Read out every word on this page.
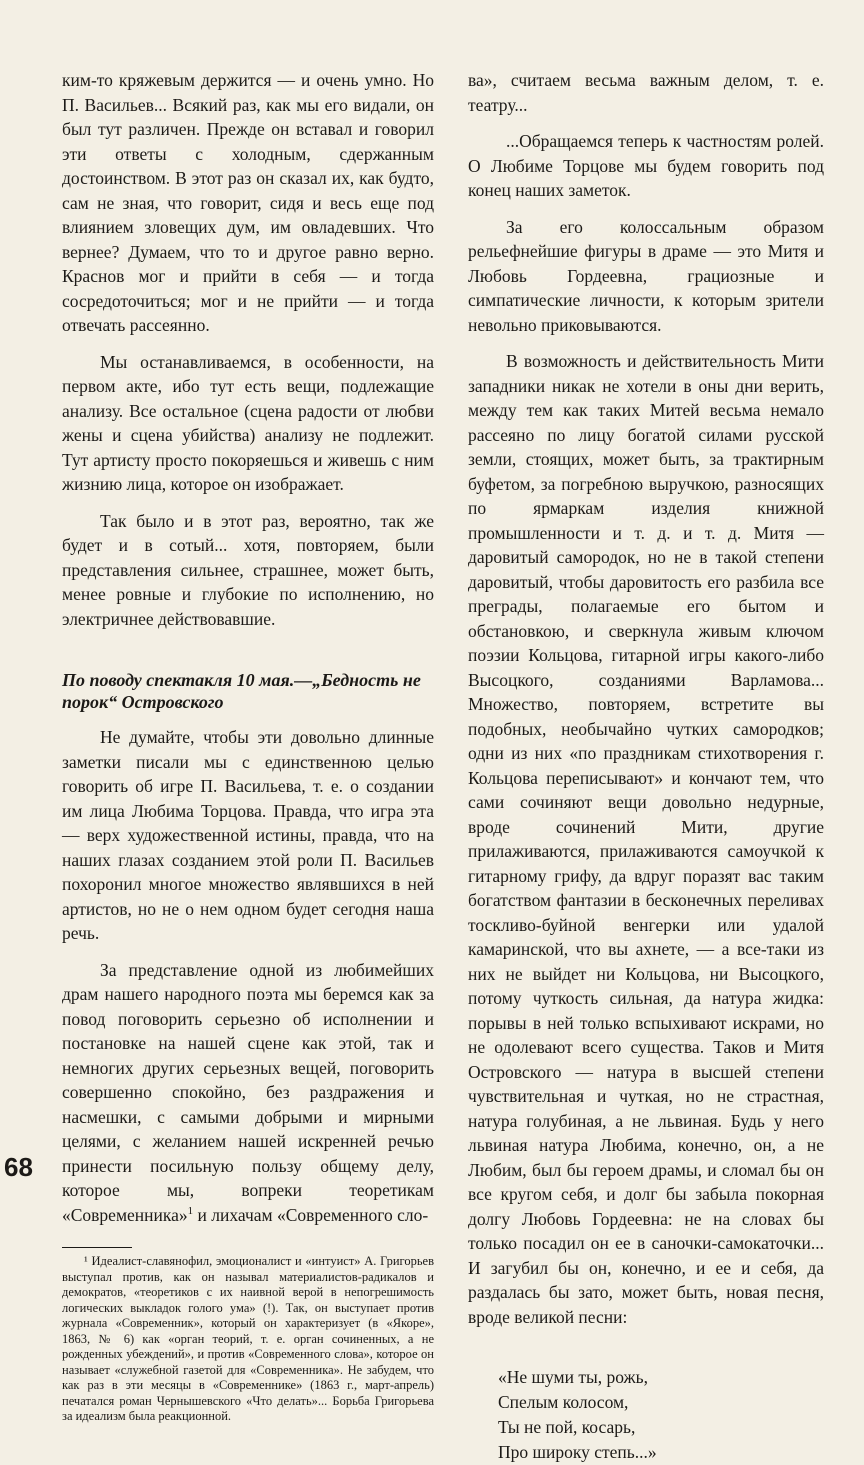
ким-то кряжевым держится — и очень умно. Но П. Васильев... Всякий раз, как мы его видали, он был тут различен. Прежде он вставал и говорил эти ответы с холодным, сдержанным достоинством. В этот раз он сказал их, как будто, сам не зная, что говорит, сидя и весь еще под влиянием зловещих дум, им овладевших. Что вернее? Думаем, что то и другое равно верно. Краснов мог и прийти в себя — и тогда сосредоточиться; мог и не прийти — и тогда отвечать рассеянно.

Мы останавливаемся, в особенности, на первом акте, ибо тут есть вещи, подлежащие анализу. Все остальное (сцена радости от любви жены и сцена убийства) анализу не подлежит. Тут артисту просто покоряешься и живешь с ним жизнию лица, которое он изображает.

Так было и в этот раз, вероятно, так же будет и в сотый... хотя, повторяем, были представления сильнее, страшнее, может быть, менее ровные и глубокие по исполнению, но электричнее действовавшие.

По поводу спектакля 10 мая.—„Бедность не порок“ Островского

Не думайте, чтобы эти довольно длинные заметки писали мы с единственною целью говорить об игре П. Васильева, т. е. о создании им лица Любима Торцова. Правда, что игра эта — верх художественной истины, правда, что на наших глазах созданием этой роли П. Васильев похоронил многое множество являвшихся в ней артистов, но не о нем одном будет сегодня наша речь.

За представление одной из любимейших драм нашего народного поэта мы беремся как за повод поговорить серьезно об исполнении и постановке на нашей сцене как этой, так и немногих других серьезных вещей, поговорить совершенно спокойно, без раздражения и насмешки, с самыми добрыми и мирными целями, с желанием нашей искренней речью принести посильную пользу общему делу, которое мы, вопреки теоретикам «Современника»$^1$ и лихачам «Современного сло-

¹ Идеалист-славянофил, эмоционалист и «интуист» А. Григорьев выступал против, как он называл материалистов-радикалов и демократов, «теоретиков с их наивной верой в непогрешимость логических выкладок голого ума» (!). Так, он выступает против журнала «Современник», который он характеризует (в «Якоре», 1863, № 6) как «орган теорий, т. е. орган сочиненных, а не рожденных убеждений», и против «Современного слова», которое он называет «служебной газетой для «Современника». Не забудем, что как раз в эти месяцы в «Современнике» (1863 г., март-апрель) печатался роман Чернышевского «Что делать»... Борьба Григорьева за идеализм была реакционной.

ва», считаем весьма важным делом, т. е. театру...

...Обращаемся теперь к частностям ролей. О Любиме Торцове мы будем говорить под конец наших заметок.

За его колоссальным образом рельефнейшие фигуры в драме — это Митя и Любовь Гордеевна, грациозные и симпатические личности, к которым зрители невольно приковываются.

В возможность и действительность Мити западники никак не хотели в оны дни верить, между тем как таких Митей весьма немало рассеяно по лицу богатой силами русской земли, стоящих, может быть, за трактирным буфетом, за погребною выручкою, разносящих по ярмаркам изделия книжной промышленности и т. д. и т. д. Митя — даровитый самородок, но не в такой степени даровитый, чтобы даровитость его разбила все преграды, полагаемые его бытом и обстановкою, и сверкнула живым ключом поэзии Кольцова, гитарной игры какого-либо Высоцкого, созданиями Варламова... Множество, повторяем, встретите вы подобных, необычайно чутких самородков; одни из них «по праздникам стихотворения г. Кольцова переписывают» и кончают тем, что сами сочиняют вещи довольно недурные, вроде сочинений Мити, другие прилаживаются, прилаживаются самоучкой к гитарному грифу, да вдруг поразят вас таким богатством фантазии в бесконечных переливах тоскливо-буйной венгерки или удалой камаринской, что вы ахнете, — а все-таки из них не выйдет ни Кольцова, ни Высоцкого, потому чуткость сильная, да натура жидка: порывы в ней только вспыхивают искрами, но не одолевают всего существа. Таков и Митя Островского — натура в высшей степени чувствительная и чуткая, но не страстная, натура голубиная, а не львиная. Будь у него львиная натура Любима, конечно, он, а не Любим, был бы героем драмы, и сломал бы он все кругом себя, и долг бы забыла покорная долгу Любовь Гордеевна: не на словах бы только посадил он ее в саночки-самокаточки... И загубил бы он, конечно, и ее и себя, да раздалась бы зато, может быть, новая песня, вроде великой песни:

«Не шуми ты, рожь,
Спелым колосом,
Ты не пой, косарь,
Про широку степь...»
68
